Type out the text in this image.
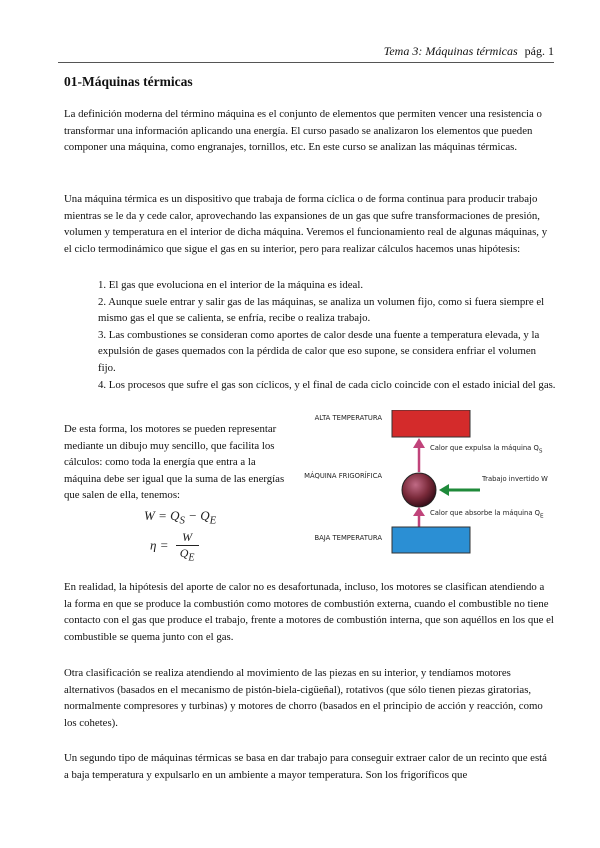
Tema 3: Máquinas térmicas pág. 1
01-Máquinas térmicas

La definición moderna del término máquina es el conjunto de elementos que permiten vencer una resistencia o transformar una información aplicando una energía. El curso pasado se analizaron los elementos que pueden componer una máquina, como engranajes, tornillos, etc. En este curso se analizan las máquinas térmicas.

Una máquina térmica es un dispositivo que trabaja de forma cíclica o de forma continua para producir trabajo mientras se le da y cede calor, aprovechando las expansiones de un gas que sufre transformaciones de presión, volumen y temperatura en el interior de dicha máquina. Veremos el funcionamiento real de algunas máquinas, y el ciclo termodinámico que sigue el gas en su interior, pero para realizar cálculos hacemos unas hipótesis:

1. El gas que evoluciona en el interior de la máquina es ideal.
2. Aunque suele entrar y salir gas de las máquinas, se analiza un volumen fijo, como si fuera siempre el mismo gas el que se calienta, se enfría, recibe o realiza trabajo.
3. Las combustiones se consideran como aportes de calor desde una fuente a temperatura elevada, y la expulsión de gases quemados con la pérdida de calor que eso supone, se considera enfriar el volumen fijo.
4. Los procesos que sufre el gas son cíclicos, y el final de cada ciclo coincide con el estado inicial del gas.

De esta forma, los motores se pueden representar mediante un dibujo muy sencillo, que facilita los cálculos: como toda la energía que entra a la máquina debe ser igual que la suma de las energías que salen de ella, tenemos:

$W = Q_S - Q_E$
$\eta = \frac{W}{Q_E}$
ALTA TEMPERATURA
MÁQUINA FRIGORÍFICA
BAJA TEMPERATURA
Calor que expulsa la máquina $Q_S$
Trabajo invertido W
Calor que absorbe la máquina $Q_E$

En realidad, la hipótesis del aporte de calor no es desafortunada, incluso, los motores se clasifican atendiendo a la forma en que se produce la combustión como motores de combustión externa, cuando el combustible no tiene contacto con el gas que produce el trabajo, frente a motores de combustión interna, que son aquéllos en los que el combustible se quema junto con el gas.

Otra clasificación se realiza atendiendo al movimiento de las piezas en su interior, y tendíamos motores alternativos (basados en el mecanismo de pistón-biela-cigüeñal), rotativos (que sólo tienen piezas giratorias, normalmente compresores y turbinas) y motores de chorro (basados en el principio de acción y reacción, como los cohetes).

Un segundo tipo de máquinas térmicas se basa en dar trabajo para conseguir extraer calor de un recinto que está a baja temperatura y expulsarlo en un ambiente a mayor temperatura. Son los frigoríficos que
